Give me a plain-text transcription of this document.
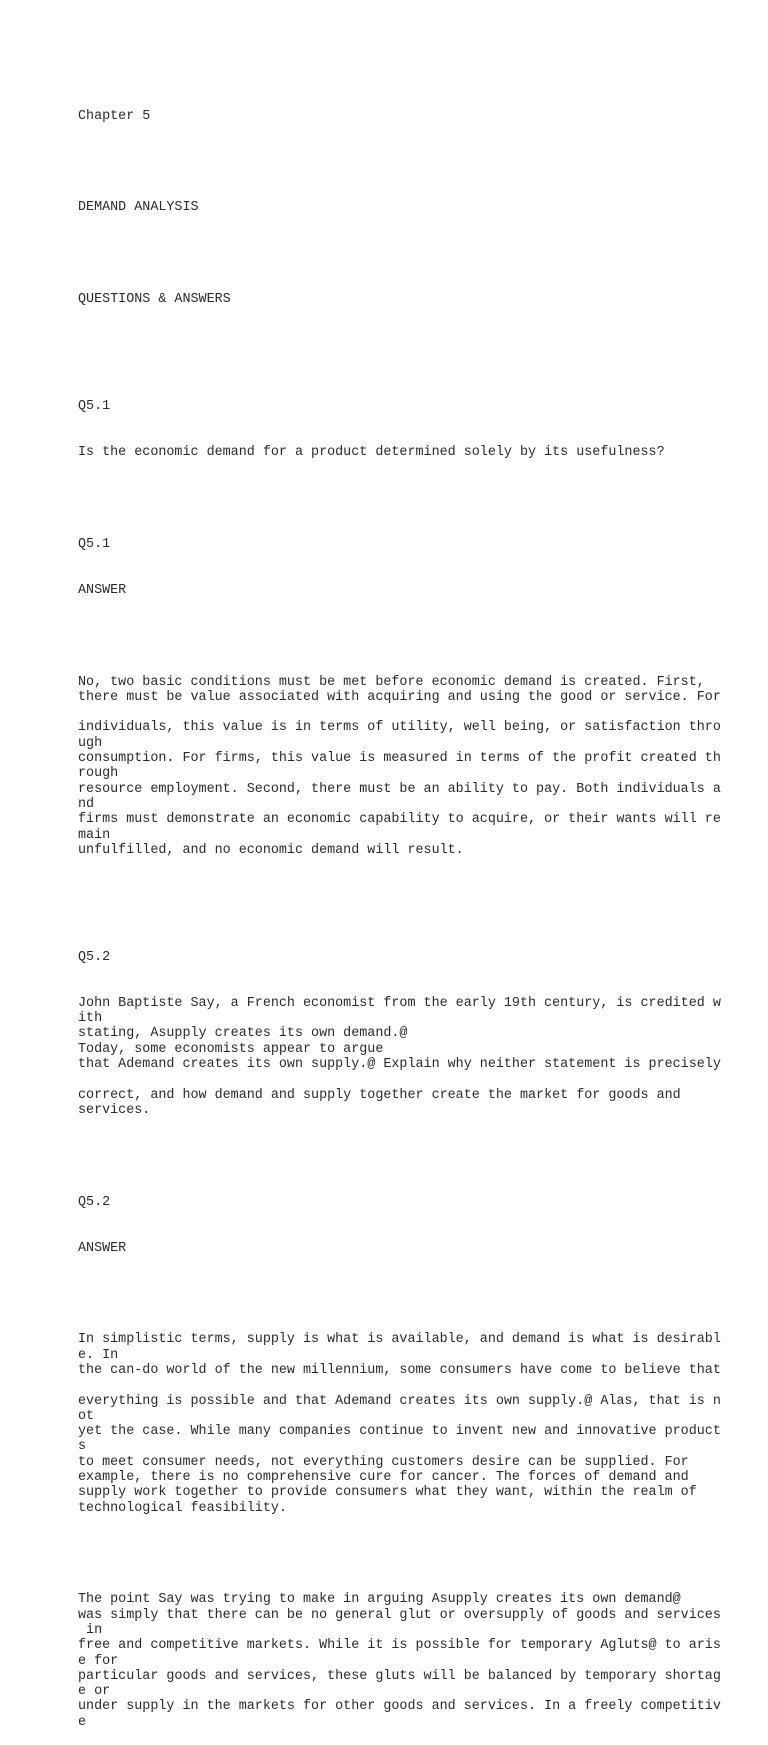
Chapter 5

DEMAND ANALYSIS

QUESTIONS & ANSWERS

Q5.1

Is the economic demand for a product determined solely by its usefulness?

Q5.1

ANSWER

No, two basic conditions must be met before economic demand is created. First,
there must be value associated with acquiring and using the good or service. For
individuals, this value is in terms of utility, well being, or satisfaction thro
ugh
consumption. For firms, this value is measured in terms of the profit created th
rough
resource employment. Second, there must be an ability to pay. Both individuals a
nd
firms must demonstrate an economic capability to acquire, or their wants will re
main
unfulfilled, and no economic demand will result.

Q5.2

John Baptiste Say, a French economist from the early 19th century, is credited w
ith
stating, Asupply creates its own demand.@
Today, some economists appear to argue
that Ademand creates its own supply.@ Explain why neither statement is precisely
correct, and how demand and supply together create the market for goods and
services.

Q5.2

ANSWER

In simplistic terms, supply is what is available, and demand is what is desirabl
e. In
the can-do world of the new millennium, some consumers have come to believe that
everything is possible and that Ademand creates its own supply.@ Alas, that is n
ot
yet the case. While many companies continue to invent new and innovative product
s
to meet consumer needs, not everything customers desire can be supplied. For
example, there is no comprehensive cure for cancer. The forces of demand and
supply work together to provide consumers what they want, within the realm of
technological feasibility.

The point Say was trying to make in arguing Asupply creates its own demand@
was simply that there can be no general glut or oversupply of goods and services
in
free and competitive markets. While it is possible for temporary Agluts@ to aris
e for
particular goods and services, these gluts will be balanced by temporary shortag
e or
under supply in the markets for other goods and services. In a freely competitiv
e
